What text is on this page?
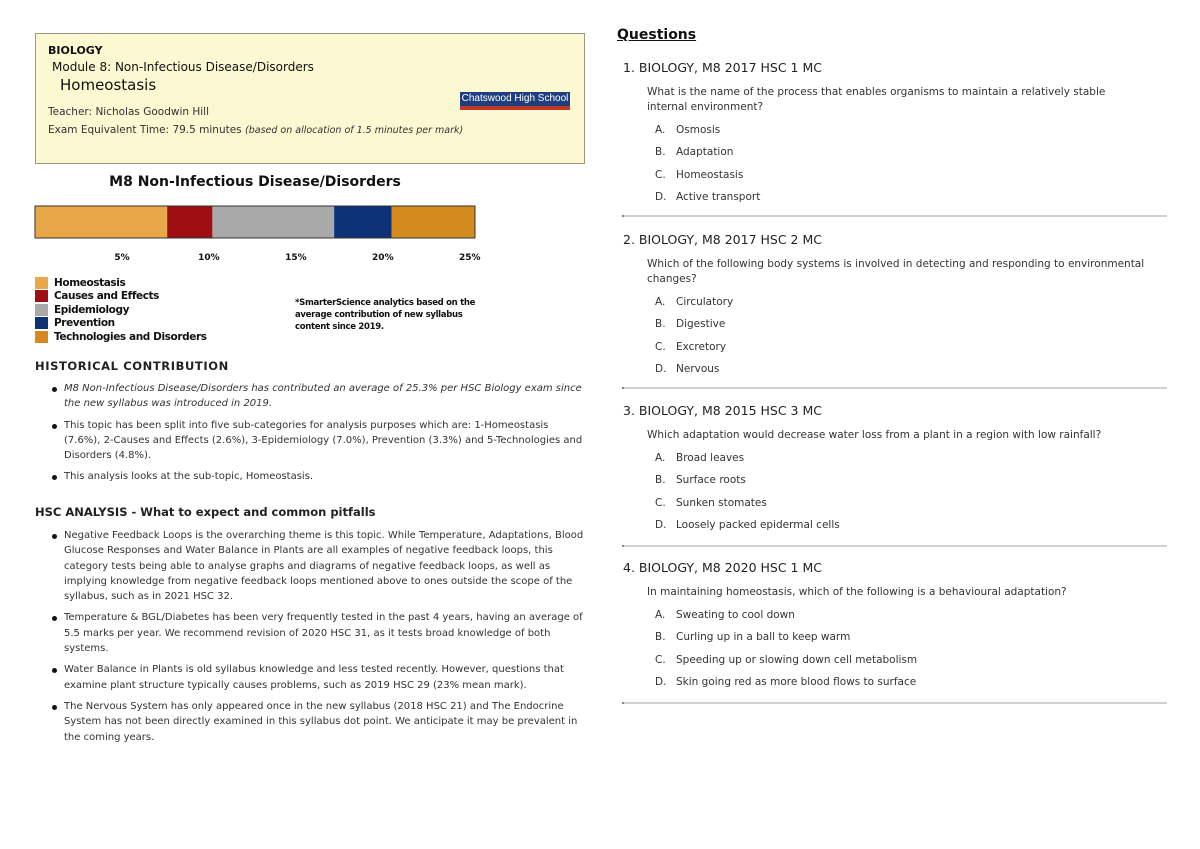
BIOLOGY
Module 8: Non-Infectious Disease/Disorders
Homeostasis
Teacher: Nicholas Goodwin Hill
Exam Equivalent Time: 79.5 minutes (based on allocation of 1.5 minutes per mark)
Chatswood High School
M8 Non-Infectious Disease/Disorders
5%	10%	15%	20%	25%
Homeostasis
Causes and Effects
Epidemiology
Prevention
Technologies and Disorders
*SmarterScience analytics based on the average contribution of new syllabus content since 2019.
HISTORICAL CONTRIBUTION
M8 Non-Infectious Disease/Disorders has contributed an average of 25.3% per HSC Biology exam since the new syllabus was introduced in 2019.
This topic has been split into five sub-categories for analysis purposes which are: 1-Homeostasis (7.6%), 2-Causes and Effects (2.6%), 3-Epidemiology (7.0%), Prevention (3.3%) and 5-Technologies and Disorders (4.8%).
This analysis looks at the sub-topic, Homeostasis.
HSC ANALYSIS - What to expect and common pitfalls
Negative Feedback Loops is the overarching theme is this topic. While Temperature, Adaptations, Blood Glucose Responses and Water Balance in Plants are all examples of negative feedback loops, this category tests being able to analyse graphs and diagrams of negative feedback loops, as well as implying knowledge from negative feedback loops mentioned above to ones outside the scope of the syllabus, such as in 2021 HSC 32.
Temperature & BGL/Diabetes has been very frequently tested in the past 4 years, having an average of 5.5 marks per year. We recommend revision of 2020 HSC 31, as it tests broad knowledge of both systems.
Water Balance in Plants is old syllabus knowledge and less tested recently. However, questions that examine plant structure typically causes problems, such as 2019 HSC 29 (23% mean mark).
The Nervous System has only appeared once in the new syllabus (2018 HSC 21) and The Endocrine System has not been directly examined in this syllabus dot point. We anticipate it may be prevalent in the coming years.
Questions
1. BIOLOGY, M8 2017 HSC 1 MC
What is the name of the process that enables organisms to maintain a relatively stable internal environment?
A.	Osmosis
B. Adaptation
C. Homeostasis
D. Active transport
2. BIOLOGY, M8 2017 HSC 2 MC
Which of the following body systems is involved in detecting and responding to environmental changes?
A.	Circulatory
B. Digestive
C. Excretory
D. Nervous
3. BIOLOGY, M8 2015 HSC 3 MC
Which adaptation would decrease water loss from a plant in a region with low rainfall?
A.	Broad leaves
B. Surface roots
C. Sunken stomates
D. Loosely packed epidermal cells
4. BIOLOGY, M8 2020 HSC 1 MC
In maintaining homeostasis, which of the following is a behavioural adaptation?
A.	Sweating to cool down
B. Curling up in a ball to keep warm
C. Speeding up or slowing down cell metabolism
D. Skin going red as more blood flows to surface
